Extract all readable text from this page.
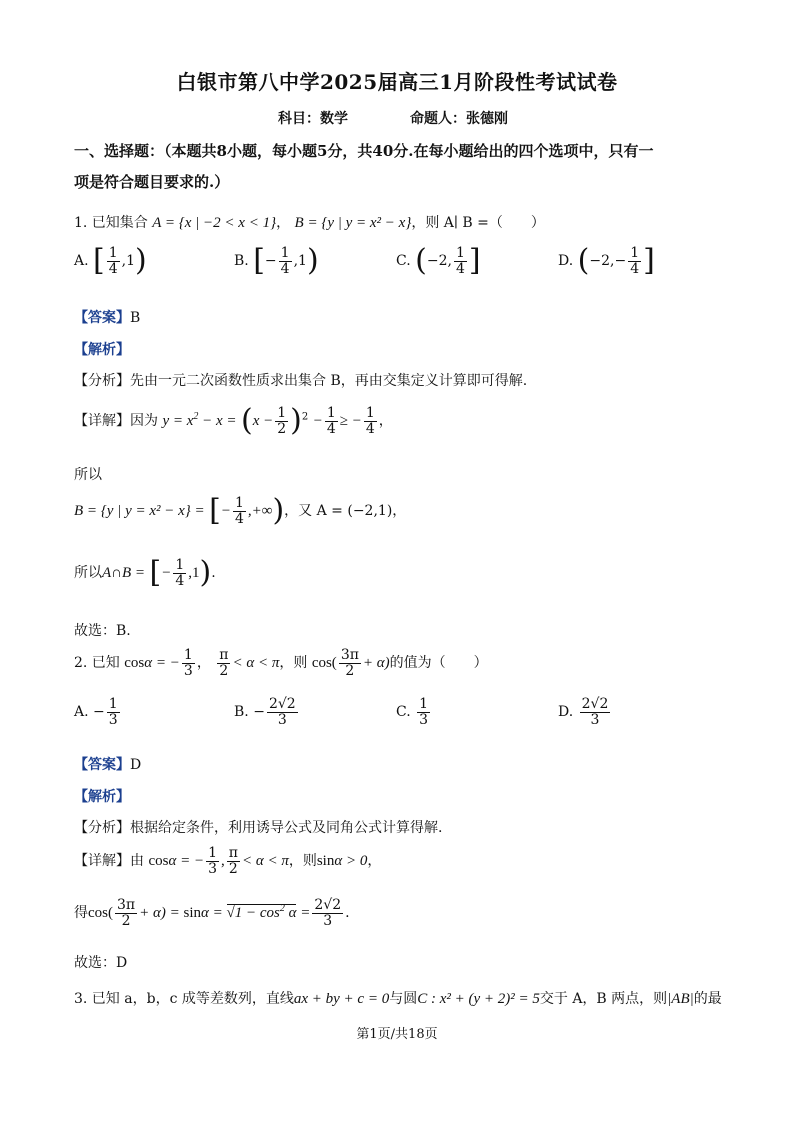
白银市第八中学2025届高三1月阶段性考试试卷
科目：数学	命题人：张德刚
一、选择题：（本题共8小题，每小题5分，共40分.在每小题给出的四个选项中，只有一
项是符合题目要求的.）
1. 已知集合 A = {x | −2 < x < 1}， B = {y | y = x² − x}，则 A∣ B =（　　）
A. [ $\frac{1}{4} ,1$)	B. [− $\frac{1}{4} ,1$)	C. (−2, $\frac{1}{4}$ ]	D. ($-2,- \frac{1}{4}$ ]
【答案】B
【解析】
【分析】先由一元二次函数性质求出集合 B，再由交集定义计算即可得解.
【详解】因为 $y = x^2 - x = (x - \frac{1}{2} )^2 - \frac{1}{4}$ ≥ − $\frac{1}{4}$ ，
所以
B = {y | y = x² − x} = [− $\frac{1}{4}$ ,+∞)，又 A = (−2,1)，
所以A∩B = [− $\frac{1}{4} ,1$).
故选：B.
2. 已知 cosα = − $\frac{1}{3}$ ， $\frac{\pi}{2} < \alpha < \pi$，则 $\cos( \frac{3\pi}{2} + \alpha)$的值为（　　）
A. − $\frac{1}{3}$	B. − $\frac{2√2}{3}$	C. $\frac{1}{3}$	D. $\frac{2√2}{3}$
【答案】D
【解析】
【分析】根据给定条件，利用诱导公式及同角公式计算得解.
【详解】由 cosα = − $\frac{1}{3}$ , $\frac{\pi}{2} < \alpha < \pi$，则sinα > 0，
得$\cos( \frac{3\pi}{2} + \alpha) = \sin\alpha = √1 - \cos^2 \alpha = \frac{2√2}{3}$ .
故选：D
3. 已知 a，b，c 成等差数列，直线ax + by + c = 0与圆C : x² + (y + 2)² = 5交于 A，B 两点，则|AB|的最
第1页/共18页
